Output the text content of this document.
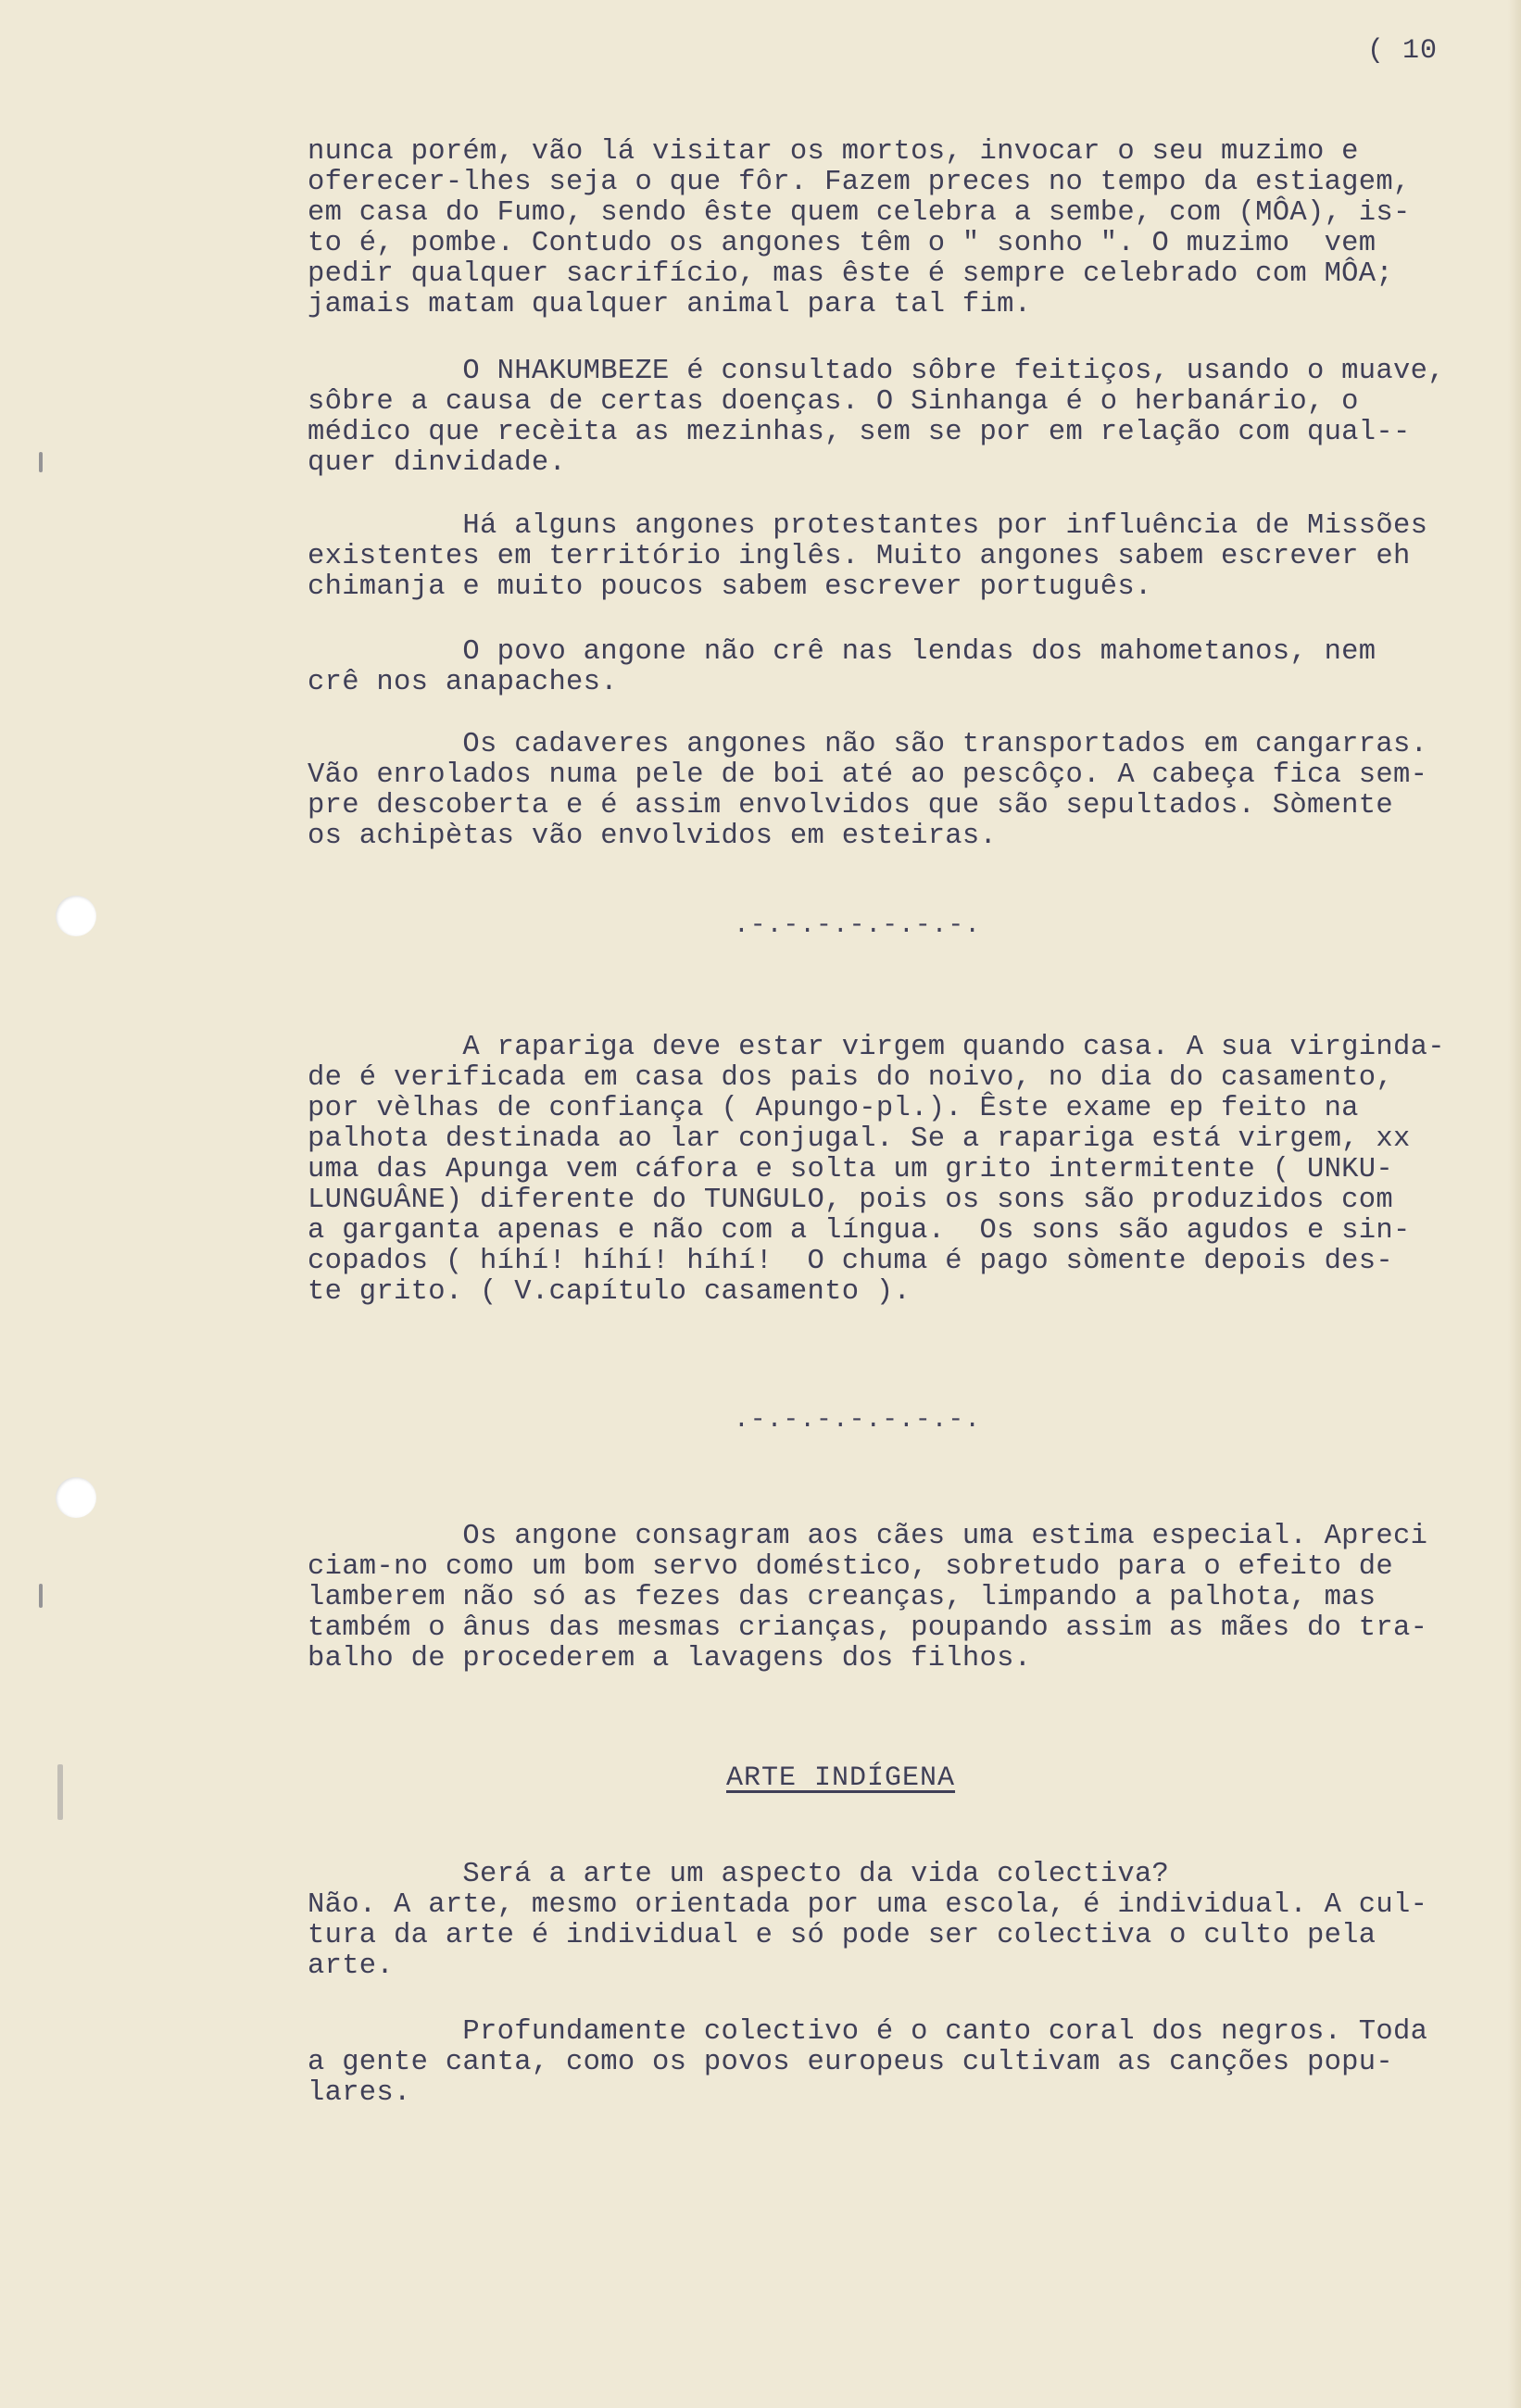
( 10
nunca porém, vão lá visitar os mortos, invocar o seu muzimo e
oferecer-lhes seja o que fôr. Fazem preces no tempo da estiagem,
em casa do Fumo, sendo êste quem celebra a sembe, com (MÔA), is-
to é, pombe. Contudo os angones têm o " sonho ". O muzimo  vem
pedir qualquer sacrifício, mas êste é sempre celebrado com MÔA;
jamais matam qualquer animal para tal fim.
O NHAKUMBEZE é consultado sôbre feitiços, usando o muave,
sôbre a causa de certas doenças. O Sinhanga é o herbanário, o
médico que recèita as mezinhas, sem se por em relação com qual--
quer dinvidade.
Há alguns angones protestantes por influência de Missões
existentes em território inglês. Muito angones sabem escrever eh
chimanja e muito poucos sabem escrever português.
O povo angone não crê nas lendas dos mahometanos, nem
crê nos anapaches.
Os cadaveres angones não são transportados em cangarras.
Vão enrolados numa pele de boi até ao pescôço. A cabeça fica sem-
pre descoberta e é assim envolvidos que são sepultados. Sòmente
os achipètas vão envolvidos em esteiras.
.-.-.-.-.-.-.-.
A rapariga deve estar virgem quando casa. A sua virginda-
de é verificada em casa dos pais do noivo, no dia do casamento,
por vèlhas de confiança ( Apungo-pl.). Êste exame ep feito na
palhota destinada ao lar conjugal. Se a rapariga está virgem, xx
uma das Apunga vem cáfora e solta um grito intermitente ( UNKU-
LUNGUÂNE) diferente do TUNGULO, pois os sons são produzidos com
a garganta apenas e não com a língua.  Os sons são agudos e sin-
copados ( híhí! híhí! híhí!  O chuma é pago sòmente depois des-
te grito. ( V.capítulo casamento ).
.-.-.-.-.-.-.-.
Os angone consagram aos cães uma estima especial. Apreci
ciam-no como um bom servo doméstico, sobretudo para o efeito de
lamberem não só as fezes das creanças, limpando a palhota, mas
também o ânus das mesmas crianças, poupando assim as mães do tra-
balho de procederem a lavagens dos filhos.
ARTE INDÍGENA
Será a arte um aspecto da vida colectiva?
Não. A arte, mesmo orientada por uma escola, é individual. A cul-
tura da arte é individual e só pode ser colectiva o culto pela
arte.
Profundamente colectivo é o canto coral dos negros. Toda
a gente canta, como os povos europeus cultivam as canções popu-
lares.
